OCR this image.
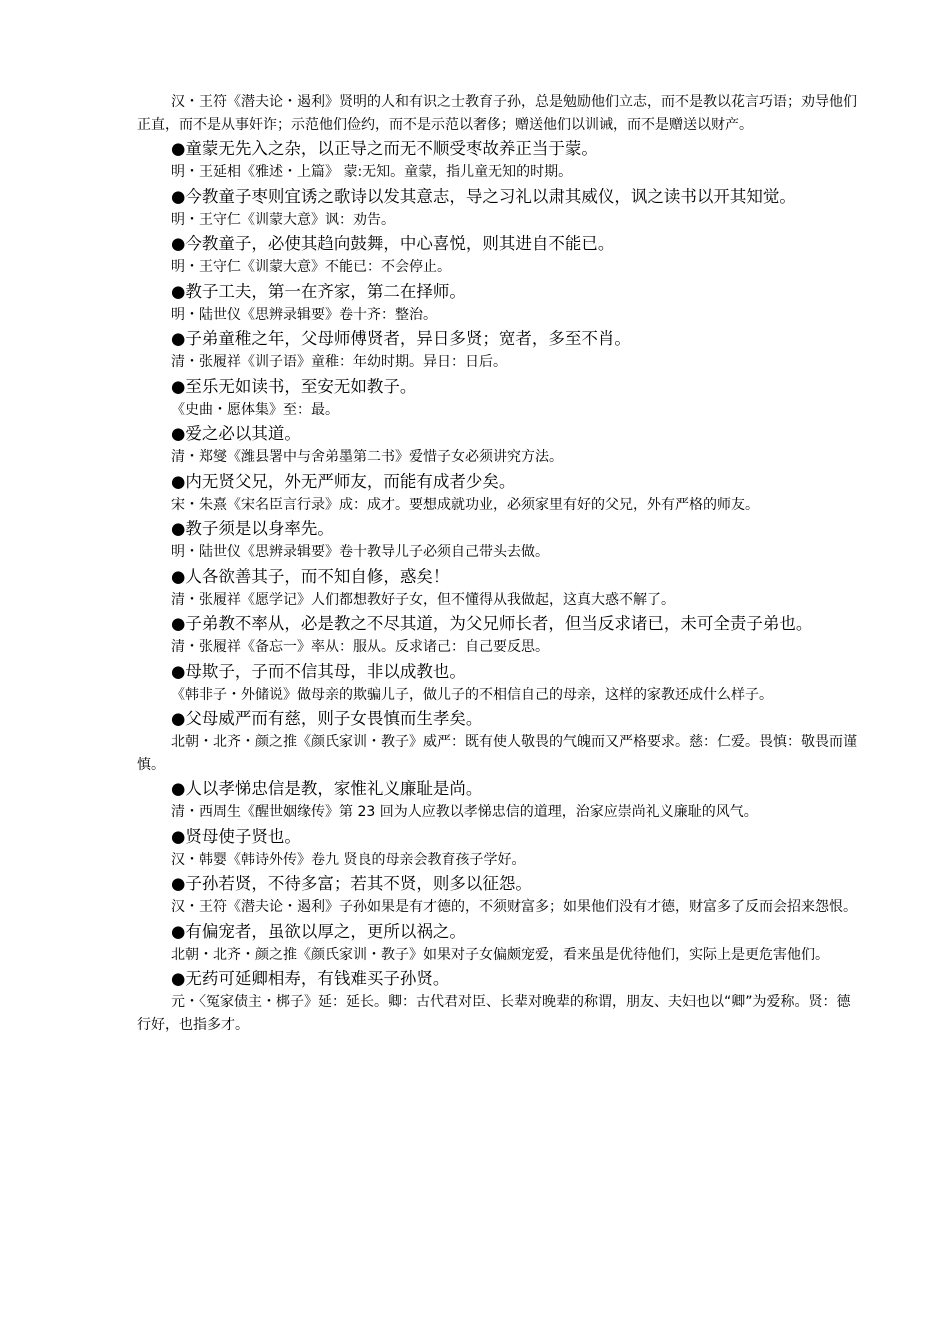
汉・王符《潜夫论・遏利》贤明的人和有识之士教育子孙，总是勉励他们立志，而不是教以花言巧语；劝导他们正直，而不是从事奸诈；示范他们俭约，而不是示范以奢侈；赠送他们以训诫，而不是赠送以财产。

●童蒙无先入之杂，以正导之而无不顺受枣故养正当于蒙。

明・王延相《雅述・上篇》 蒙:无知。童蒙，指儿童无知的时期。

●今教童子枣则宜诱之歌诗以发其意志，导之习礼以肃其威仪，讽之读书以开其知觉。

明・王守仁《训蒙大意》讽：劝告。

●今教童子，必使其趋向鼓舞，中心喜悦，则其进自不能已。

明・王守仁《训蒙大意》不能已：不会停止。

●教子工夫，第一在齐家，第二在择师。

明・陆世仪《思辨录辑要》卷十齐：整治。

●子弟童稚之年，父母师傅贤者，异日多贤；宽者，多至不肖。

清・张履祥《训子语》童稚：年幼时期。异日：日后。

●至乐无如读书，至安无如教子。

《史曲・愿体集》至：最。

●爱之必以其道。

清・郑燮《潍县署中与舍弟墨第二书》爱惜子女必须讲究方法。

●内无贤父兄，外无严师友，而能有成者少矣。

宋・朱熹《宋名臣言行录》成：成才。要想成就功业，必须家里有好的父兄，外有严格的师友。

●教子须是以身率先。

明・陆世仪《思辨录辑要》卷十教导儿子必须自己带头去做。

●人各欲善其子，而不知自修，惑矣！

清・张履祥《愿学记》人们都想教好子女，但不懂得从我做起，这真大惑不解了。

●子弟教不率从，必是教之不尽其道，为父兄师长者，但当反求诸已，未可全责子弟也。

清・张履祥《备忘一》率从：服从。反求诸己：自己要反思。

●母欺子，子而不信其母，非以成教也。

《韩非子・外储说》做母亲的欺骗儿子，做儿子的不相信自己的母亲，这样的家教还成什么样子。

●父母威严而有慈，则子女畏慎而生孝矣。

北朝・北齐・颜之推《颜氏家训・教子》威严：既有使人敬畏的气魄而又严格要求。慈：仁爱。畏慎：敬畏而谨慎。

●人以孝悌忠信是教，家惟礼义廉耻是尚。

清・西周生《醒世姻缘传》第 23 回为人应教以孝悌忠信的道理，治家应崇尚礼义廉耻的风气。

●贤母使子贤也。

汉・韩婴《韩诗外传》卷九 贤良的母亲会教育孩子学好。

●子孙若贤，不待多富；若其不贤，则多以征怨。

汉・王符《潜夫论・遏利》子孙如果是有才德的，不须财富多；如果他们没有才德，财富多了反而会招来怨恨。

●有偏宠者，虽欲以厚之，更所以祸之。

北朝・北齐・颜之推《颜氏家训・教子》如果对子女偏颇宠爱，看来虽是优待他们，实际上是更危害他们。

●无药可延卿相寿，有钱难买子孙贤。

元・〈冤家债主・梆子》延：延长。卿：古代君对臣、长辈对晚辈的称谓，朋友、夫妇也以“卿”为爱称。贤：德行好，也指多才。
